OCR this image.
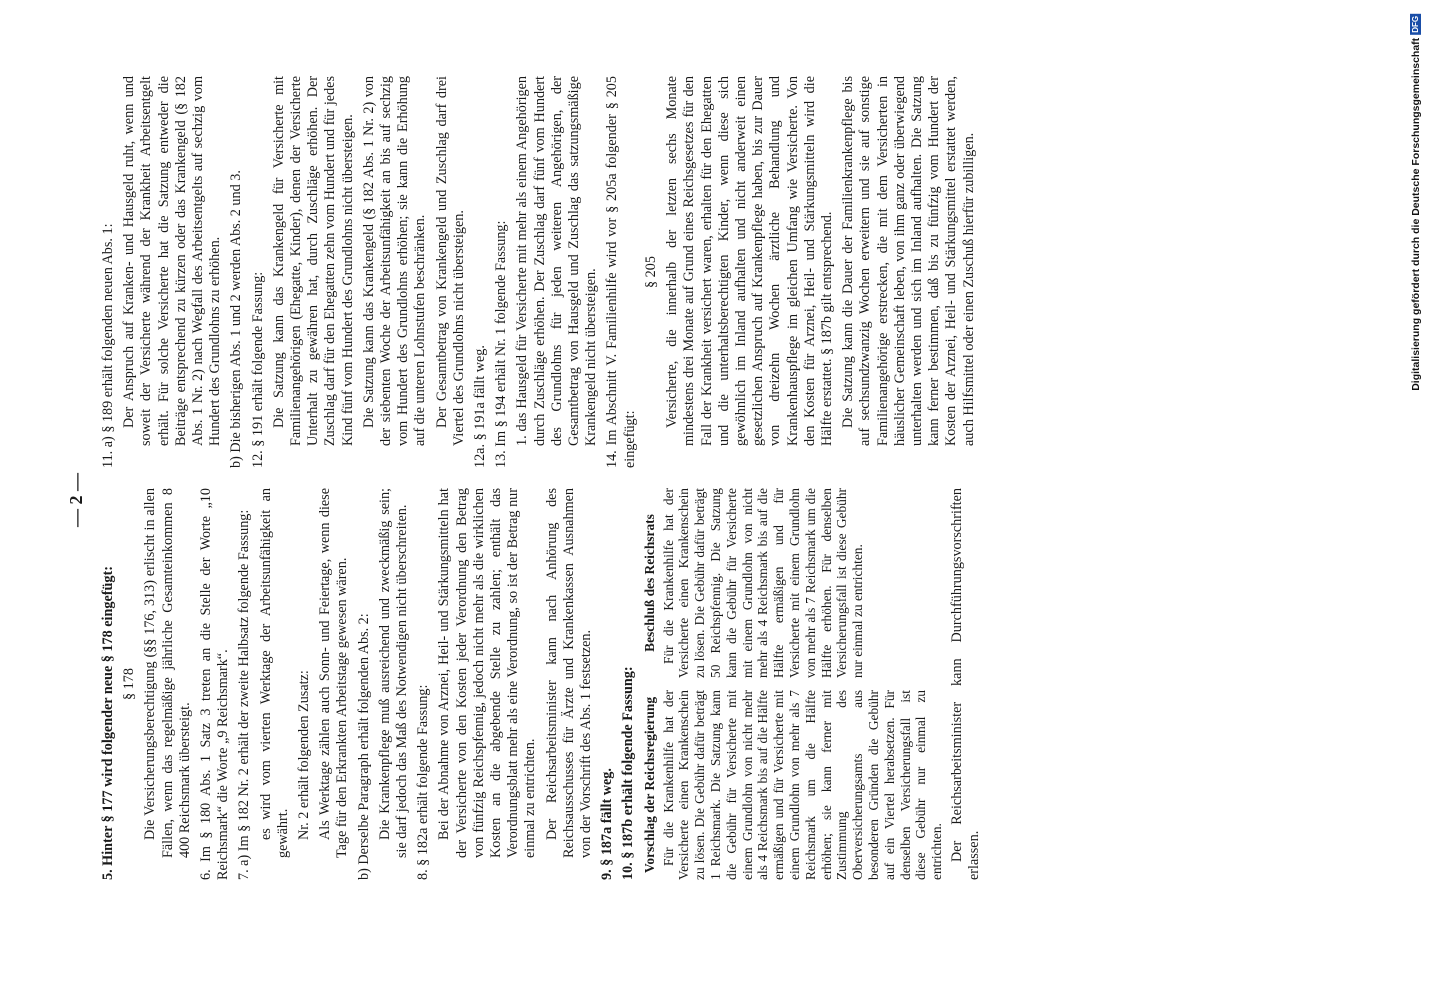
Digitalisierung gefördert durch die Deutsche Forschungsgemeinschaft DFG
— 2 —

5. Hinter § 177 wird folgender neue § 178 eingefügt: § 178 Die Versicherungsberechtigung (§§ 176, 313) erlischt in allen Fällen, wenn das regelmäßige jährliche Gesamteinkommen 8 400 Reichsmark übersteigt. 6. Im § 180 Abs. 1 Satz 3 treten an die Stelle der Worte „10 Reichsmark“ die Worte „9 Reichsmark“. 7. a) Im § 182 Nr. 2 erhält der zweite Halbsatz folgende Fassung: es wird vom vierten Werktage der Arbeitsunfähigkeit an gewährt. Nr. 2 erhält folgenden Zusatz: Als Werktage zählen auch Sonn- und Feiertage, wenn diese Tage für den Erkrankten Arbeitstage gewesen wären. b) Derselbe Paragraph erhält folgenden Abs. 2: Die Krankenpflege muß ausreichend und zweckmäßig sein; sie darf jedoch das Maß des Notwendigen nicht überschreiten. 8. § 182a erhält folgende Fassung: Bei der Abnahme von Arznei, Heil- und Stärkungsmitteln hat der Versicherte von den Kosten jeder Verordnung den Betrag von fünfzig Reichspfennig, jedoch nicht mehr als die wirklichen Kosten an die abgebende Stelle zu zahlen; enthält das Verordnungsblatt mehr als eine Verordnung, so ist der Betrag nur einmal zu entrichten. Der Reichsarbeitsminister kann nach Anhörung des Reichsausschusses für Ärzte und Krankenkassen Ausnahmen von der Vorschrift des Abs. 1 festsetzen. 9. § 187a fällt weg. 10. § 187b erhält folgende Fassung: Vorschlag der Reichsregierung Für die Krankenhilfe hat der Versicherte einen Krankenschein zu lösen. Die Gebühr dafür beträgt 1 Reichsmark. Die Satzung kann die Gebühr für Versicherte mit einem Grundlohn von nicht mehr als 4 Reichsmark bis auf die Hälfte ermäßigen und für Versicherte mit einem Grundlohn von mehr als 7 Reichsmark um die Hälfte erhöhen; sie kann ferner mit Zustimmung des Oberversicherungsamts aus besonderen Gründen die Gebühr auf ein Viertel herabsetzen. Für denselben Versicherungsfall ist diese Gebühr nur einmal zu entrichten.

Beschluß des Reichsrats Für die Krankenhilfe hat der Versicherte einen Krankenschein zu lösen. Die Gebühr dafür beträgt 50 Reichspfennig. Die Satzung kann die Gebühr für Versicherte mit einem Grundlohn von nicht mehr als 4 Reichsmark bis auf die Hälfte ermäßigen und für Versicherte mit einem Grundlohn von mehr als 7 Reichsmark um die Hälfte erhöhen. Für denselben Versicherungsfall ist diese Gebühr nur einmal zu entrichten.	Der Reichsarbeitsminister kann Durchführungsvorschriften erlassen.

11. a) § 189 erhält folgenden neuen Abs. 1: Der Anspruch auf Kranken- und Hausgeld ruht, wenn und soweit der Versicherte während der Krankheit Arbeitsentgelt erhält. Für solche Versicherte hat die Satzung entweder die Beiträge entsprechend zu kürzen oder das Krankengeld (§ 182 Abs. 1 Nr. 2) nach Wegfall des Arbeitsentgelts auf sechzig vom Hundert des Grundlohns zu erhöhen. b) Die bisherigen Abs. 1 und 2 werden Abs. 2 und 3. 12. § 191 erhält folgende Fassung: Die Satzung kann das Krankengeld für Versicherte mit Familienangehörigen (Ehegatte, Kinder), denen der Versicherte Unterhalt zu gewähren hat, durch Zuschläge erhöhen. Der Zuschlag darf für den Ehegatten zehn vom Hundert und für jedes Kind fünf vom Hundert des Grundlohns nicht übersteigen. Die Satzung kann das Krankengeld (§ 182 Abs. 1 Nr. 2) von der siebenten Woche der Arbeitsunfähigkeit an bis auf sechzig vom Hundert des Grundlohns erhöhen; sie kann die Erhöhung auf die unteren Lohnstufen beschränken. Der Gesamtbetrag von Krankengeld und Zuschlag darf drei Viertel des Grundlohns nicht übersteigen. 12a. § 191a fällt weg. 13. Im § 194 erhält Nr. 1 folgende Fassung: 1. das Hausgeld für Versicherte mit mehr als einem Angehörigen durch Zuschläge erhöhen. Der Zuschlag darf fünf vom Hundert des Grundlohns für jeden weiteren Angehörigen, der Gesamtbetrag von Hausgeld und Zuschlag das satzungsmäßige Krankengeld nicht übersteigen. 14. Im Abschnitt V. Familienhilfe wird vor § 205a folgender § 205 eingefügt:

§ 205 Versicherte, die innerhalb der letzten sechs Monate mindestens drei Monate auf Grund eines Reichsgesetzes für den Fall der Krankheit versichert waren, erhalten für den Ehegatten und die unterhaltsberechtigten Kinder, wenn diese sich gewöhnlich im Inland aufhalten und nicht anderweit einen gesetzlichen Anspruch auf Krankenpflege haben, bis zur Dauer von dreizehn Wochen ärztliche Behandlung und Krankenhauspflege im gleichen Umfang wie Versicherte. Von den Kosten für Arznei, Heil- und Stärkungsmitteln wird die Hälfte erstattet. § 187b gilt entsprechend. Die Satzung kann die Dauer der Familienkrankenpflege bis auf sechsundzwanzig Wochen erweitern und sie auf sonstige Familienangehörige erstrecken, die mit dem Versicherten in häuslicher Gemeinschaft leben, von ihm ganz oder überwiegend unterhalten werden und sich im Inland aufhalten. Die Satzung kann ferner bestimmen, daß bis zu fünfzig vom Hundert der Kosten der Arznei, Heil- und Stärkungsmittel erstattet werden, auch Hilfsmittel oder einen Zuschuß hierfür zubilligen.
